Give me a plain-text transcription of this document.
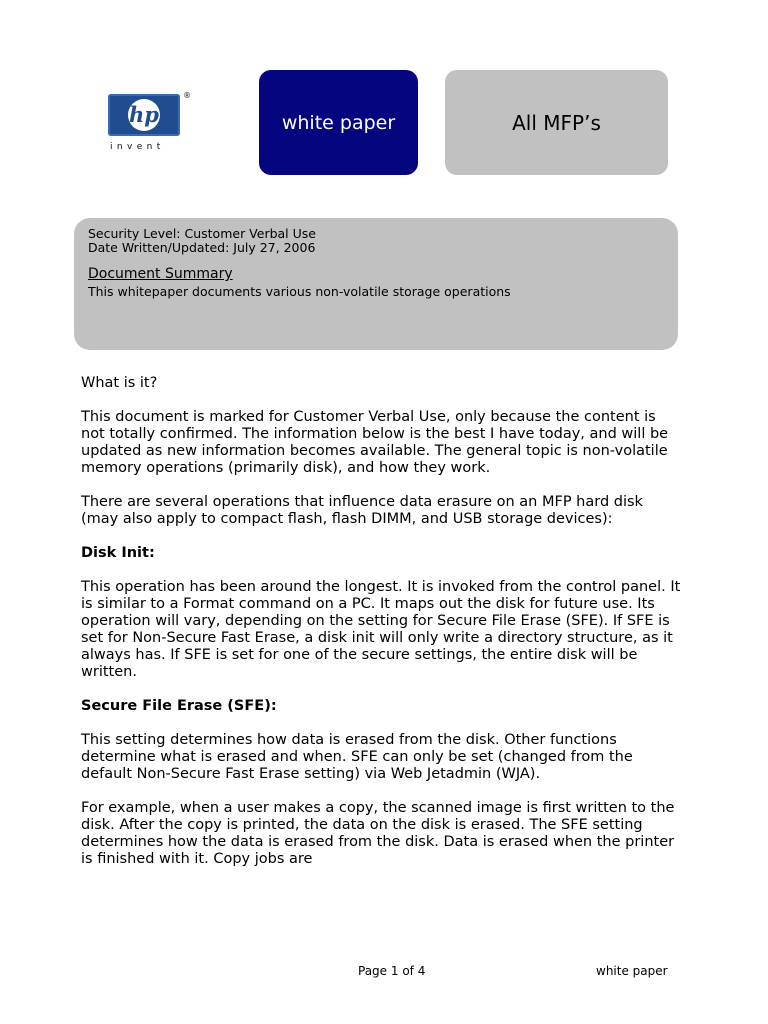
hp
®
invent
white paper	All MFP’s
Security Level: Customer Verbal Use
Date Written/Updated: July 27, 2006
Document Summary
This whitepaper documents various non-volatile storage operations

What is it?

This document is marked for Customer Verbal Use, only because the content is not totally confirmed. The information below is the best I have today, and will be updated as new information becomes available. The general topic is non-volatile memory operations (primarily disk), and how they work.

There are several operations that influence data erasure on an MFP hard disk (may also apply to compact flash, flash DIMM, and USB storage devices):

Disk Init:

This operation has been around the longest. It is invoked from the control panel. It is similar to a Format command on a PC. It maps out the disk for future use. Its operation will vary, depending on the setting for Secure File Erase (SFE). If SFE is set for Non-Secure Fast Erase, a disk init will only write a directory structure, as it always has. If SFE is set for one of the secure settings, the entire disk will be written.

Secure File Erase (SFE):

This setting determines how data is erased from the disk. Other functions determine what is erased and when. SFE can only be set (changed from the default Non-Secure Fast Erase setting) via Web Jetadmin (WJA).

For example, when a user makes a copy, the scanned image is first written to the disk. After the copy is printed, the data on the disk is erased. The SFE setting determines how the data is erased from the disk. Data is erased when the printer is finished with it. Copy jobs are

Page 1 of 4	white paper
